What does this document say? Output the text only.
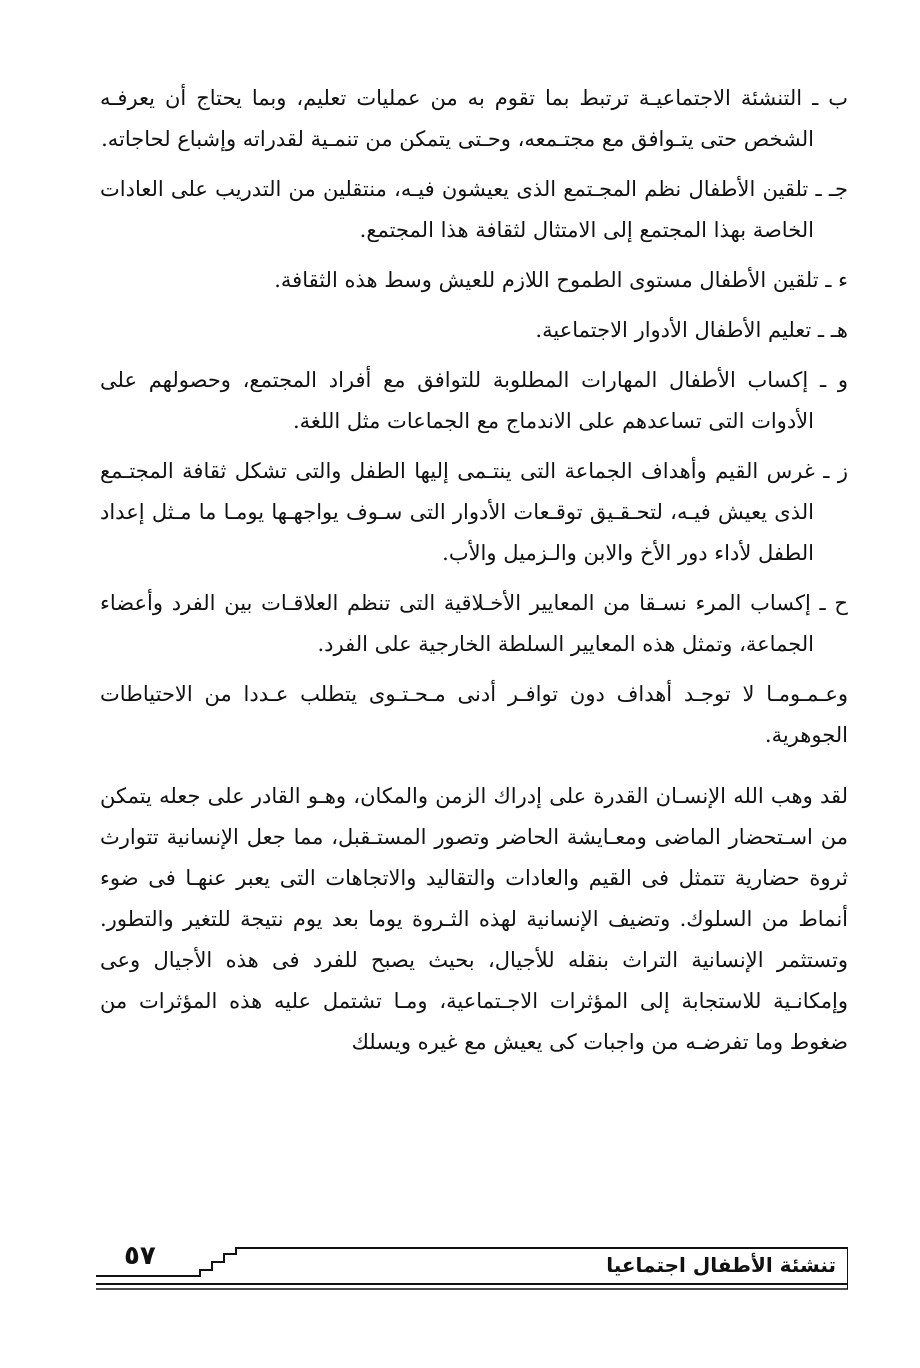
ب ـ التنشئة الاجتماعيـة ترتبط بما تقوم به من عمليات تعليم، وبما يحتاج أن يعرفـه الشخص حتى يتـوافق مع مجتـمعه، وحـتى يتمكن من تنمـية لقدراته وإشباع لحاجاته.
جـ ـ تلقين الأطفال نظم المجـتمع الذى يعيشون فيـه، منتقلين من التدريب على العادات الخاصة بهذا المجتمع إلى الامتثال لثقافة هذا المجتمع.
ء ـ تلقين الأطفال مستوى الطموح اللازم للعيش وسط هذه الثقافة.
هـ ـ تعليم الأطفال الأدوار الاجتماعية.
و ـ إكساب الأطفال المهارات المطلوبة للتوافق مع أفراد المجتمع، وحصولهم على الأدوات التى تساعدهم على الاندماج مع الجماعات مثل اللغة.
ز ـ غرس القيم وأهداف الجماعة التى ينتـمى إليها الطفل والتى تشكل ثقافة المجتـمع الذى يعيش فيـه، لتحـقـيق توقـعات الأدوار التى سـوف يواجهـها يومـا ما مـثل إعداد الطفل لأداء دور الأخ والابن والـزميل والأب.
ح ـ إكساب المرء نسـقا من المعايير الأخـلاقية التى تنظم العلاقـات بين الفرد وأعضاء الجماعة، وتمثل هذه المعايير السلطة الخارجية على الفرد.

وعـمـومـا لا توجـد أهداف دون توافـر أدنى مـحـتـوى يتطلب عـددا من الاحتياطات الجوهرية.

لقد وهب الله الإنسـان القدرة على إدراك الزمن والمكان، وهـو القادر على جعله يتمكن من اسـتحضار الماضى ومعـايشة الحاضر وتصور المستـقبل، مما جعل الإنسانية تتوارث ثروة حضارية تتمثل فى القيم والعادات والتقاليد والاتجاهات التى يعبر عنهـا فى ضوء أنماط من السلوك. وتضيف الإنسانية لهذه الثـروة يوما بعد يوم نتيجة للتغير والتطور. وتستثمر الإنسانية التراث بنقله للأجيال، بحيث يصبح للفرد فى هذه الأجيال وعى وإمكانـية للاستجابة إلى المؤثرات الاجـتماعية، ومـا تشتمل عليه هذه المؤثرات من ضغوط وما تفرضـه من واجبات كى يعيش مع غيره ويسلك

٥٧	تنشئة الأطفال اجتماعيا
